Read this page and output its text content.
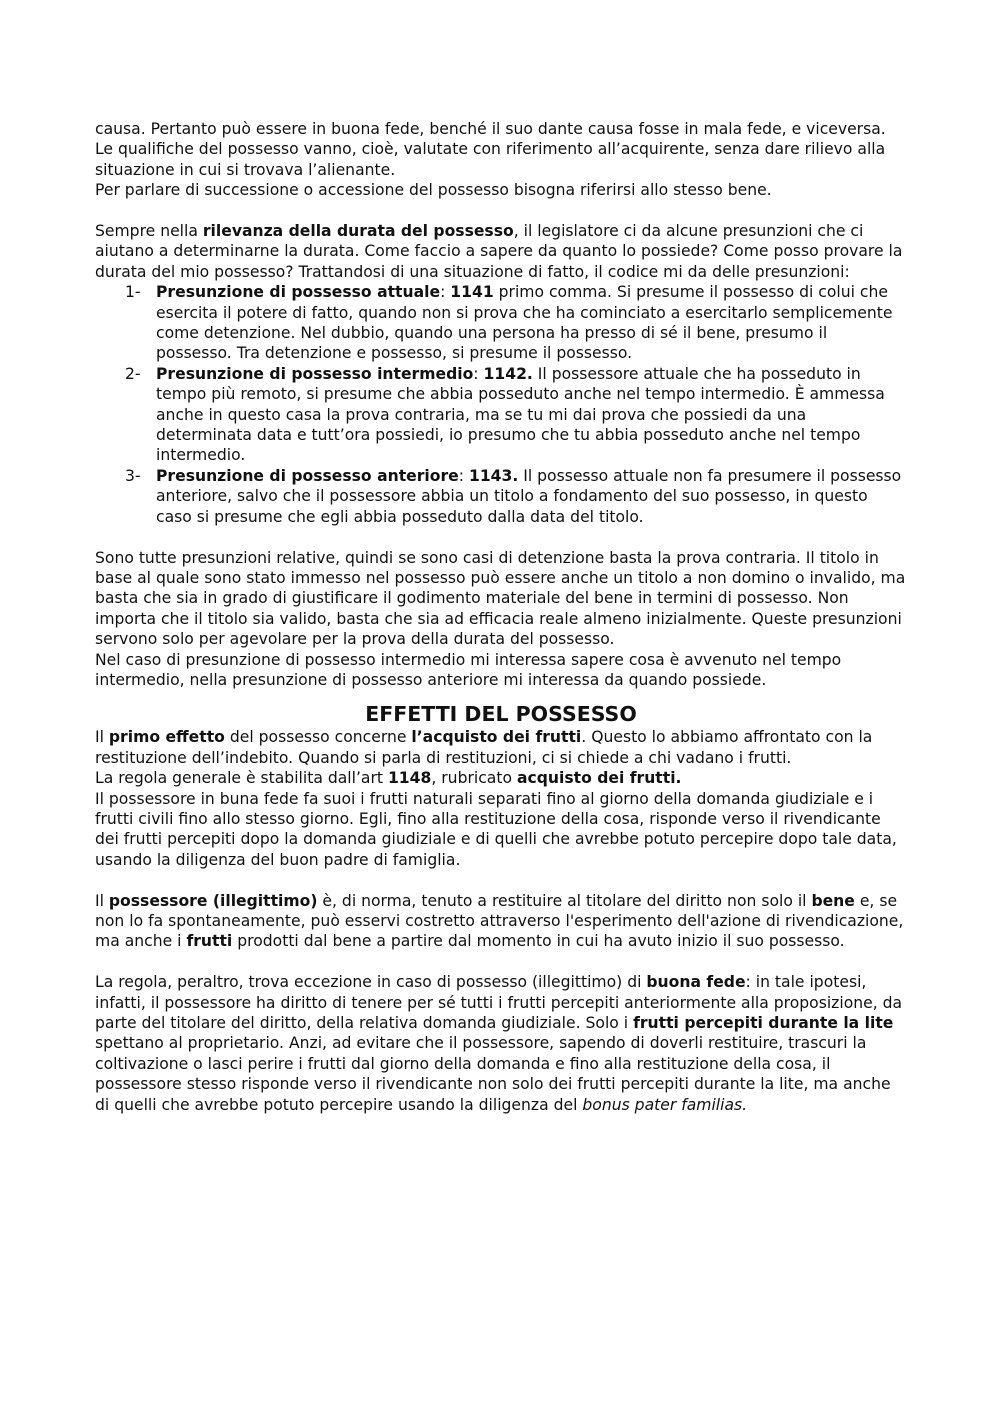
causa. Pertanto può essere in buona fede, benché il suo dante causa fosse in mala fede, e viceversa. Le qualifiche del possesso vanno, cioè, valutate con riferimento all’acquirente, senza dare rilievo alla situazione in cui si trovava l’alienante.

Per parlare di successione o accessione del possesso bisogna riferirsi allo stesso bene.

Sempre nella rilevanza della durata del possesso, il legislatore ci da alcune presunzioni che ci aiutano a determinarne la durata. Come faccio a sapere da quanto lo possiede? Come posso provare la durata del mio possesso? Trattandosi di una situazione di fatto, il codice mi da delle presunzioni:

1- Presunzione di possesso attuale: 1141 primo comma. Si presume il possesso di colui che esercita il potere di fatto, quando non si prova che ha cominciato a esercitarlo semplicemente come detenzione. Nel dubbio, quando una persona ha presso di sé il bene, presumo il possesso. Tra detenzione e possesso, si presume il possesso.
2- Presunzione di possesso intermedio: 1142. Il possessore attuale che ha posseduto in tempo più remoto, si presume che abbia posseduto anche nel tempo intermedio. È ammessa anche in questo casa la prova contraria, ma se tu mi dai prova che possiedi da una determinata data e tutt’ora possiedi, io presumo che tu abbia posseduto anche nel tempo intermedio.
3- Presunzione di possesso anteriore: 1143. Il possesso attuale non fa presumere il possesso anteriore, salvo che il possessore abbia un titolo a fondamento del suo possesso, in questo caso si presume che egli abbia posseduto dalla data del titolo.

Sono tutte presunzioni relative, quindi se sono casi di detenzione basta la prova contraria. Il titolo in base al quale sono stato immesso nel possesso può essere anche un titolo a non domino o invalido, ma basta che sia in grado di giustificare il godimento materiale del bene in termini di possesso. Non importa che il titolo sia valido, basta che sia ad efficacia reale almeno inizialmente. Queste presunzioni servono solo per agevolare per la prova della durata del possesso.

Nel caso di presunzione di possesso intermedio mi interessa sapere cosa è avvenuto nel tempo intermedio, nella presunzione di possesso anteriore mi interessa da quando possiede.

EFFETTI DEL POSSESSO

Il primo effetto del possesso concerne l’acquisto dei frutti. Questo lo abbiamo affrontato con la restituzione dell’indebito. Quando si parla di restituzioni, ci si chiede a chi vadano i frutti.

La regola generale è stabilita dall’art 1148, rubricato acquisto dei frutti.

Il possessore in buna fede fa suoi i frutti naturali separati fino al giorno della domanda giudiziale e i frutti civili fino allo stesso giorno. Egli, fino alla restituzione della cosa, risponde verso il rivendicante dei frutti percepiti dopo la domanda giudiziale e di quelli che avrebbe potuto percepire dopo tale data, usando la diligenza del buon padre di famiglia.

Il possessore (illegittimo) è, di norma, tenuto a restituire al titolare del diritto non solo il bene e, se non lo fa spontaneamente, può esservi costretto attraverso l'esperimento dell'azione di rivendicazione, ma anche i frutti prodotti dal bene a partire dal momento in cui ha avuto inizio il suo possesso.

La regola, peraltro, trova eccezione in caso di possesso (illegittimo) di buona fede: in tale ipotesi, infatti, il possessore ha diritto di tenere per sé tutti i frutti percepiti anteriormente alla proposizione, da parte del titolare del diritto, della relativa domanda giudiziale. Solo i frutti percepiti durante la lite spettano al proprietario. Anzi, ad evitare che il possessore, sapendo di doverli restituire, trascuri la coltivazione o lasci perire i frutti dal giorno della domanda e fino alla restituzione della cosa, il possessore stesso risponde verso il rivendicante non solo dei frutti percepiti durante la lite, ma anche di quelli che avrebbe potuto percepire usando la diligenza del bonus pater familias.
